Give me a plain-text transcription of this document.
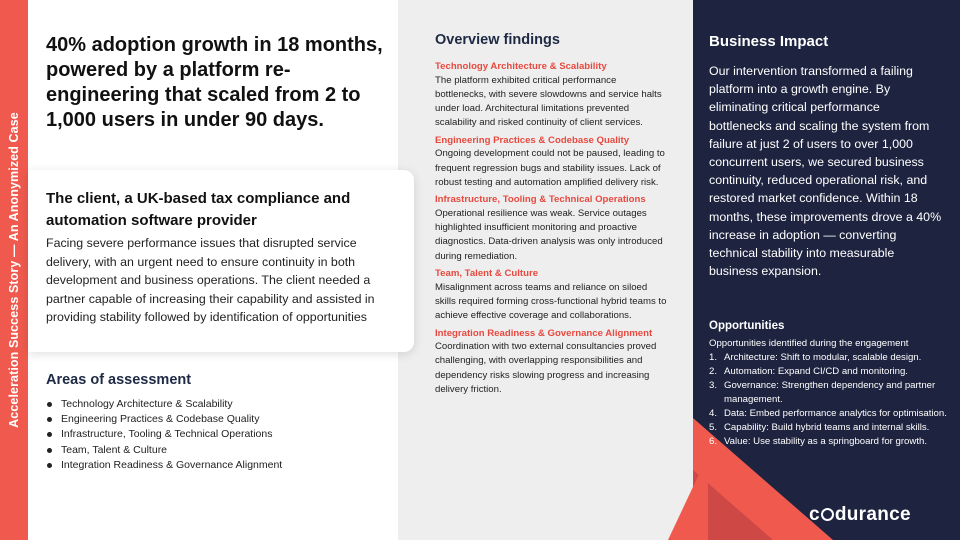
Acceleration Success Story — An Anonymized Case
40% adoption growth in 18 months, powered by a platform re-engineering that scaled from 2 to 1,000 users in under 90 days.
The client, a UK-based tax compliance and automation software provider
Facing severe performance issues that disrupted service delivery, with an urgent need to ensure continuity in both development and business operations. The client needed a partner capable of increasing their capability and assisted in providing stability followed by identification of opportunities
Areas of assessment
Technology Architecture & Scalability
Engineering Practices & Codebase Quality
Infrastructure, Tooling & Technical Operations
Team, Talent & Culture
Integration Readiness & Governance Alignment
Overview findings
Technology Architecture & Scalability
The platform exhibited critical performance bottlenecks, with severe slowdowns and service halts under load. Architectural limitations prevented scalability and risked continuity of client services.
Engineering Practices & Codebase Quality
Ongoing development could not be paused, leading to frequent regression bugs and stability issues. Lack of robust testing and automation amplified delivery risk.
Infrastructure, Tooling & Technical Operations
Operational resilience was weak. Service outages highlighted insufficient monitoring and proactive diagnostics. Data-driven analysis was only introduced during remediation.
Team, Talent & Culture
Misalignment across teams and reliance on siloed skills required forming cross-functional hybrid teams to achieve effective coverage and collaborations.
Integration Readiness & Governance Alignment
Coordination with two external consultancies proved challenging, with overlapping responsibilities and dependency risks slowing progress and increasing delivery friction.
Business Impact
Our intervention transformed a failing platform into a growth engine. By eliminating critical performance bottlenecks and scaling the system from failure at just 2 of users to over 1,000 concurrent users, we secured business continuity, reduced operational risk, and restored market confidence. Within 18 months, these improvements drove a 40% increase in adoption — converting technical stability into measurable business expansion.
Opportunities
Opportunities identified during the engagement
1. Architecture: Shift to modular, scalable design.
2. Automation: Expand CI/CD and monitoring.
3. Governance: Strengthen dependency and partner management.
4. Data: Embed performance analytics for optimisation.
5. Capability: Build hybrid teams and internal skills.
6. Value: Use stability as a springboard for growth.
c durance
